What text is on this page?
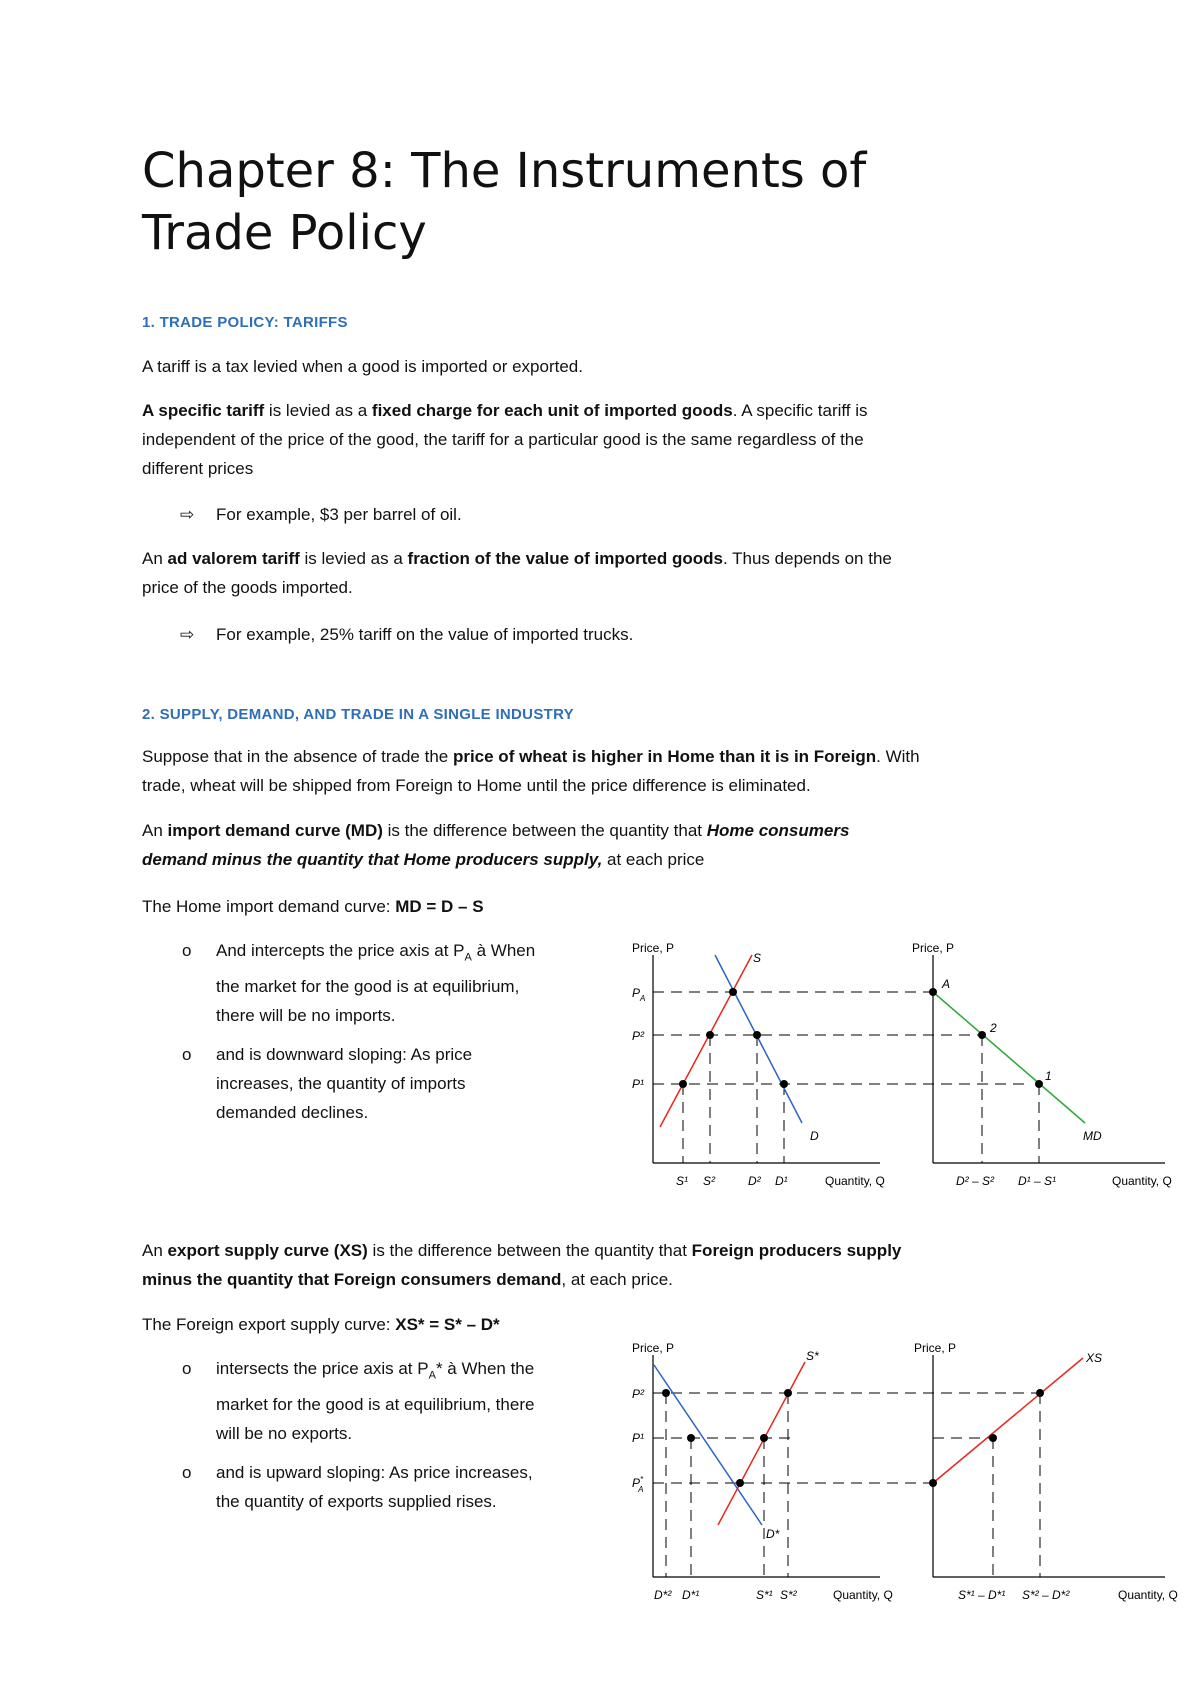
Chapter 8: The Instruments of
Trade Policy
1. TRADE POLICY: TARIFFS

A tariff is a tax levied when a good is imported or exported.

A specific tariff is levied as a fixed charge for each unit of imported goods. A specific tariff is
independent of the price of the good, the tariff for a particular good is the same regardless of the
different prices

⇨ For example, $3 per barrel of oil.

An ad valorem tariff is levied as a fraction of the value of imported goods. Thus depends on the
price of the goods imported.

⇨ For example, 25% tariff on the value of imported trucks.
2. SUPPLY, DEMAND, AND TRADE IN A SINGLE INDUSTRY

Suppose that in the absence of trade the price of wheat is higher in Home than it is in Foreign. With
trade, wheat will be shipped from Foreign to Home until the price difference is eliminated.

An import demand curve (MD) is the difference between the quantity that Home consumers
demand minus the quantity that Home producers supply, at each price

The Home import demand curve: MD = D – S

o And intercepts the price axis at $P_A$ à When
the market for the good is at equilibrium,
there will be no imports.
o and is downward sloping: As price
increases, the quantity of imports
demanded declines.
Price, P
Quantity, Q
$P_A$
P²
P¹
S
D
S¹ S²	D² D¹
Price, P
Quantity, Q
A
2
1
MD
D² – S² D¹ – S¹

An export supply curve (XS) is the difference between the quantity that Foreign producers supply
minus the quantity that Foreign consumers demand, at each price.

The Foreign export supply curve: XS* = S* – D*

o intersects the price axis at $P_A*$ à When the
market for the good is at equilibrium, there
will be no exports.
o and is upward sloping: As price increases,
the quantity of exports supplied rises.
Price, P
Quantity, Q
P²
P¹
P* A
S*
D*
D*² D*¹	S*¹ S*²
Price, P
Quantity, Q
XS
S*¹ – D*¹ S*² – D*²
